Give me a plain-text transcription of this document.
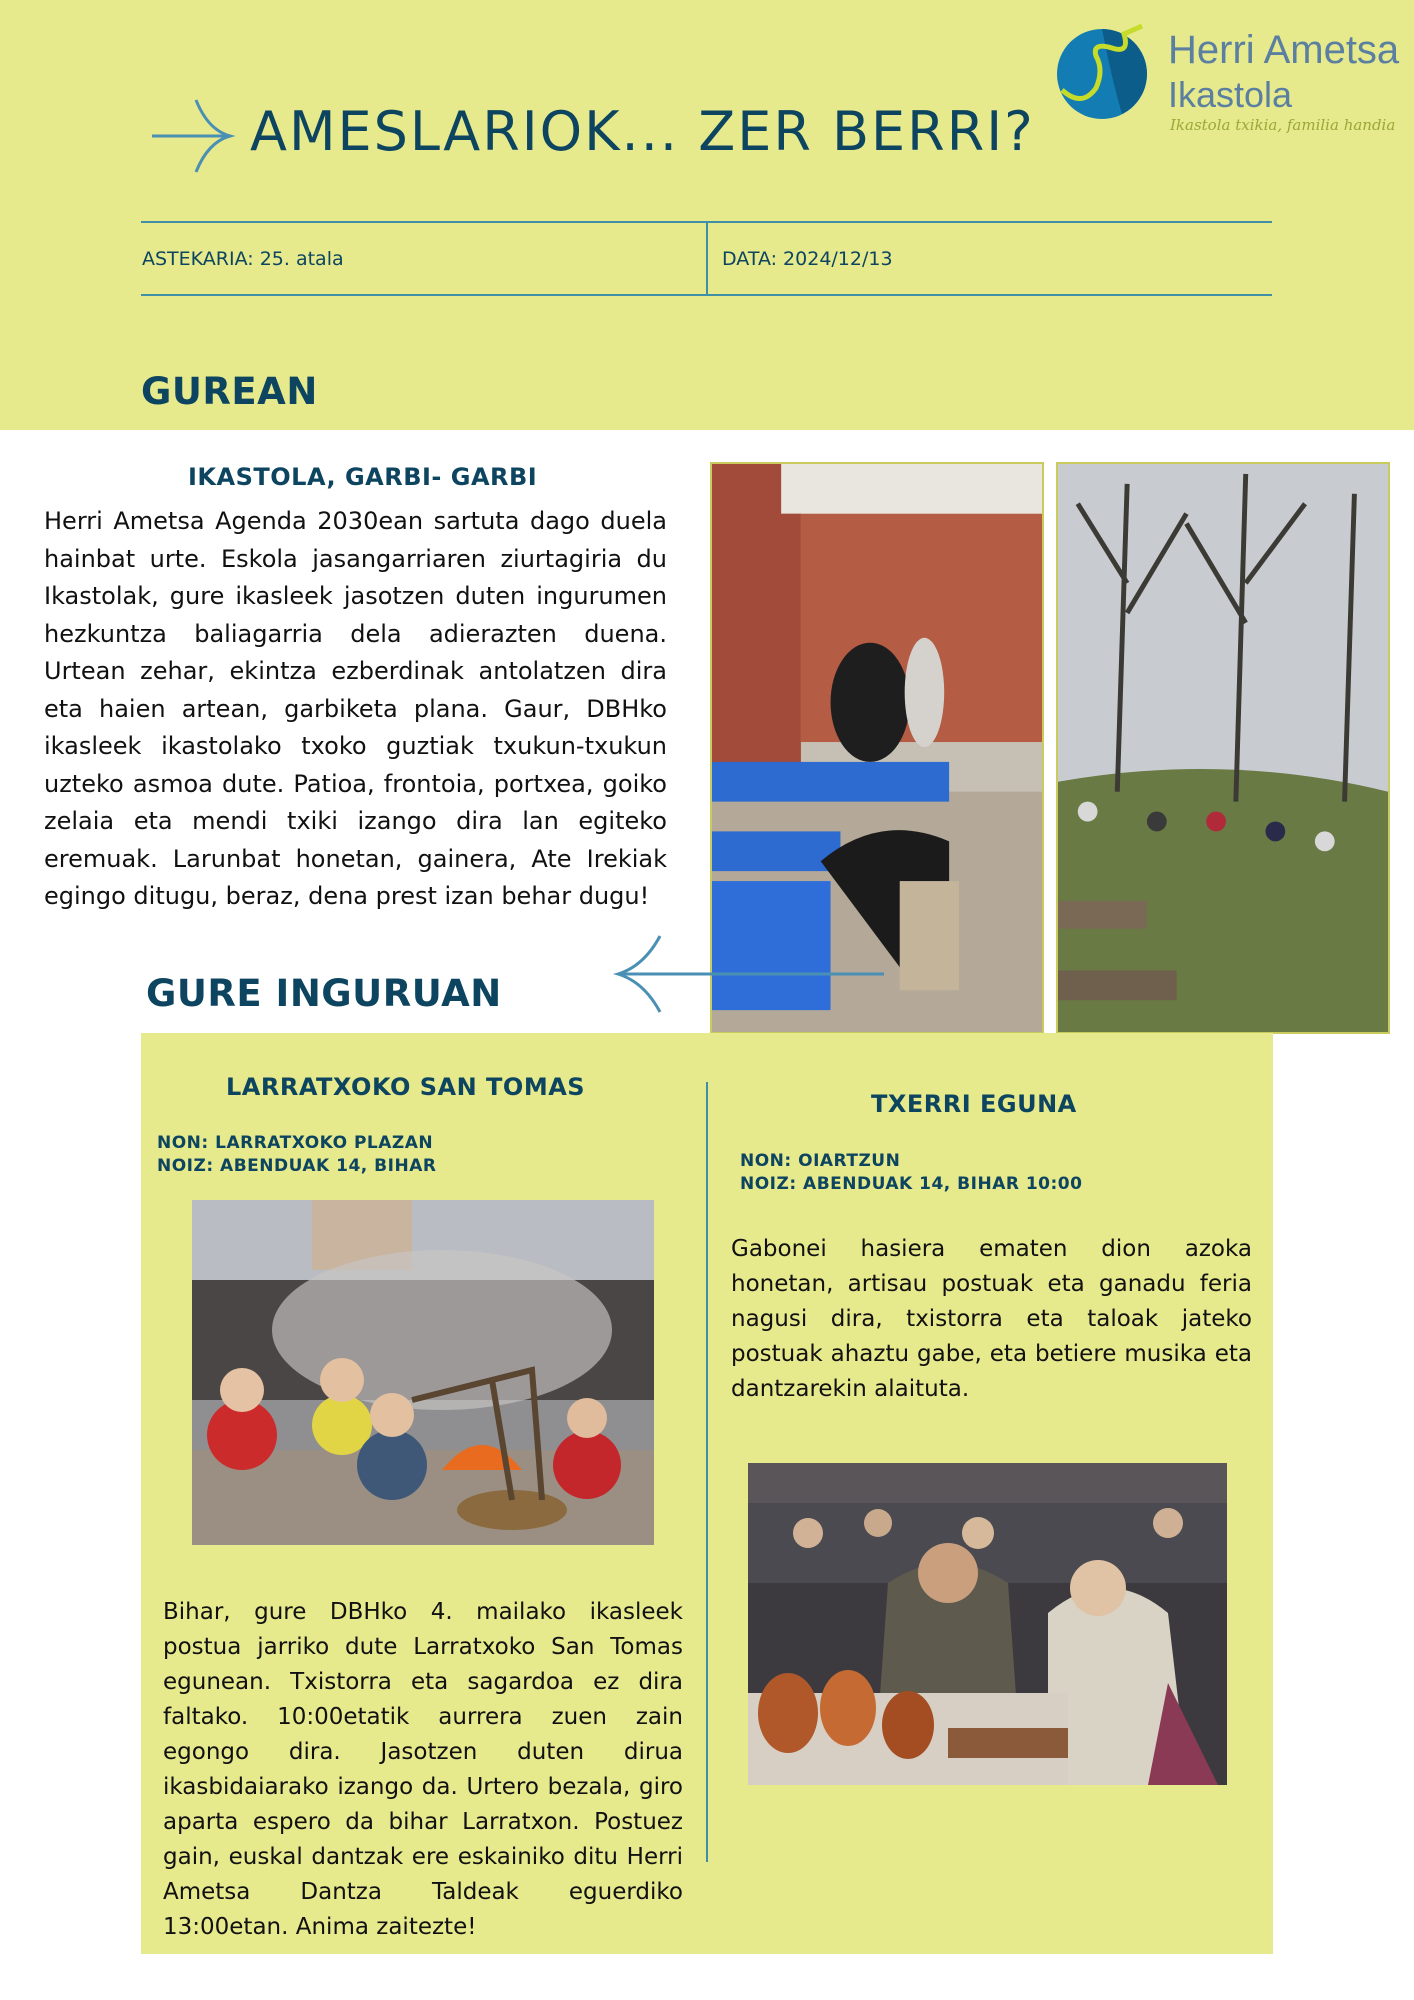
AMESLARIOK... ZER BERRI?
Herri Ametsa
Ikastola
Ikastola txikia, familia handia
ASTEKARIA: 25. atala	DATA: 2024/12/13
GUREAN
IKASTOLA, GARBI- GARBI
Herri Ametsa Agenda 2030ean sartuta dago duela hainbat urte. Eskola jasangarriaren ziurtagiria du Ikastolak, gure ikasleek jasotzen duten ingurumen hezkuntza baliagarria dela adierazten duena. Urtean zehar, ekintza ezberdinak antolatzen dira eta haien artean, garbiketa plana. Gaur, DBHko ikasleek ikastolako txoko guztiak txukun-txukun uzteko asmoa dute. Patioa, frontoia, portxea, goiko zelaia eta mendi txiki izango dira lan egiteko eremuak. Larunbat honetan, gainera, Ate Irekiak egingo ditugu, beraz, dena prest izan behar dugu!
GURE INGURUAN
LARRATXOKO SAN TOMAS
NON: LARRATXOKO PLAZAN
NOIZ: ABENDUAK 14, BIHAR
Bihar, gure DBHko 4. mailako ikasleek postua jarriko dute Larratxoko San Tomas egunean. Txistorra eta sagardoa ez dira faltako. 10:00etatik aurrera zuen zain egongo dira. Jasotzen duten dirua ikasbidaiarako izango da. Urtero bezala, giro aparta espero da bihar Larratxon. Postuez gain, euskal dantzak ere eskainiko ditu Herri Ametsa Dantza Taldeak eguerdiko 13:00etan. Anima zaitezte!
TXERRI EGUNA
NON: OIARTZUN
NOIZ: ABENDUAK 14, BIHAR 10:00
Gabonei hasiera ematen dion azoka honetan, artisau postuak eta ganadu feria nagusi dira, txistorra eta taloak jateko postuak ahaztu gabe, eta betiere musika eta dantzarekin alaituta.
